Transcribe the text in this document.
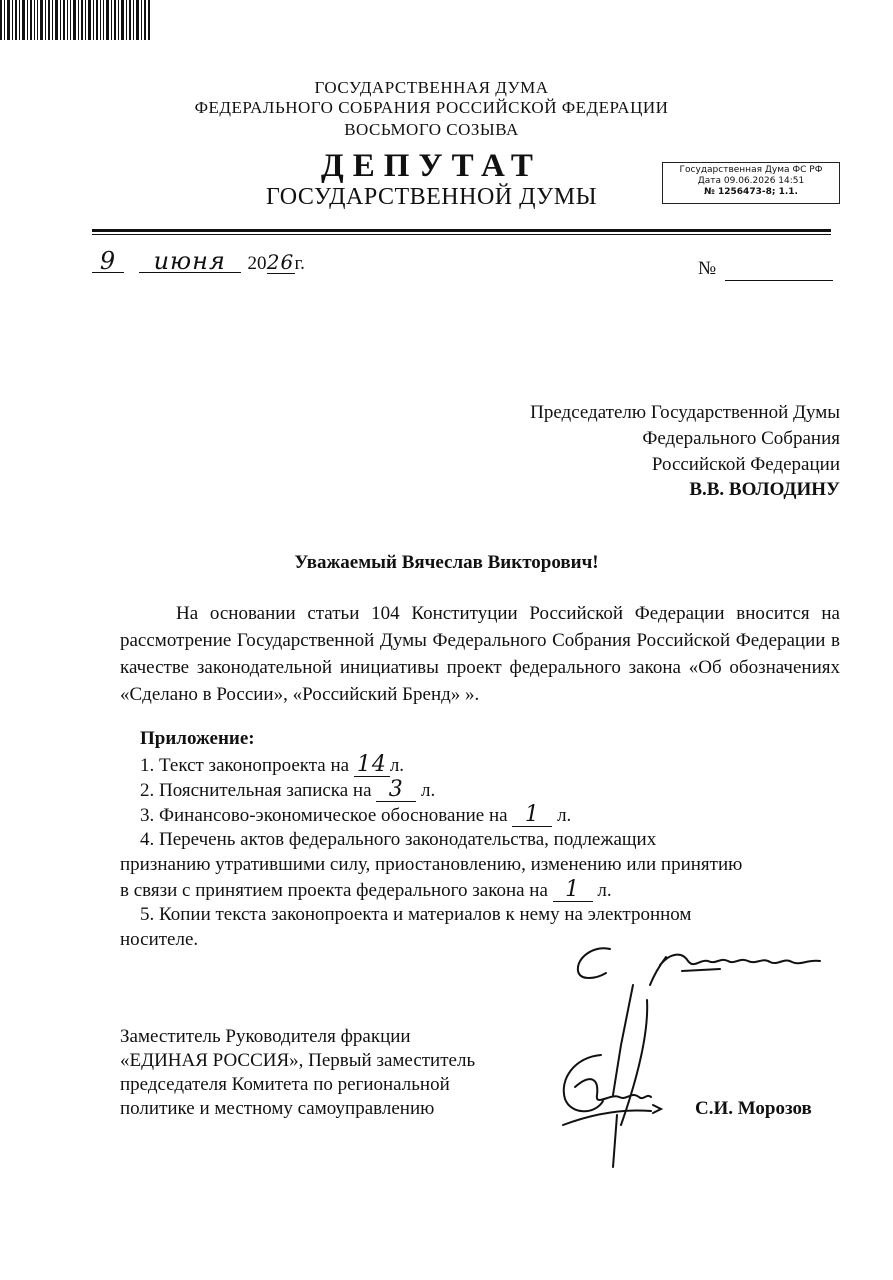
ГОСУДАРСТВЕННАЯ ДУМА
ФЕДЕРАЛЬНОГО СОБРАНИЯ РОССИЙСКОЙ ФЕДЕРАЦИИ
ВОСЬМОГО СОЗЫВА
ДЕПУТАТ
ГОСУДАРСТВЕННОЙ ДУМЫ
Государственная Дума ФС РФ
Дата 09.06.2026 14:51
№ 1256473-8; 1.1.
9 июня 2026г.	№
Председателю Государственной Думы
Федерального Собрания
Российской Федерации
В.В. ВОЛОДИНУ
Уважаемый Вячеслав Викторович!
На основании статьи 104 Конституции Российской Федерации вносится на рассмотрение Государственной Думы Федерального Собрания Российской Федерации в качестве законодательной инициативы проект федерального закона «Об обозначениях «Сделано в России», «Российский Бренд» ».
Приложение:
1. Текст законопроекта на 14 л.
2. Пояснительная записка на 3 л.
3. Финансово-экономическое обоснование на 1 л.
4. Перечень актов федерального законодательства, подлежащих
признанию утратившими силу, приостановлению, изменению или принятию
в связи с принятием проекта федерального закона на 1 л.
5. Копии текста законопроекта и материалов к нему на электронном
носителе.
Заместитель Руководителя фракции
«ЕДИНАЯ РОССИЯ», Первый заместитель
председателя Комитета по региональной
политике и местному самоуправлению	С.И. Морозов
